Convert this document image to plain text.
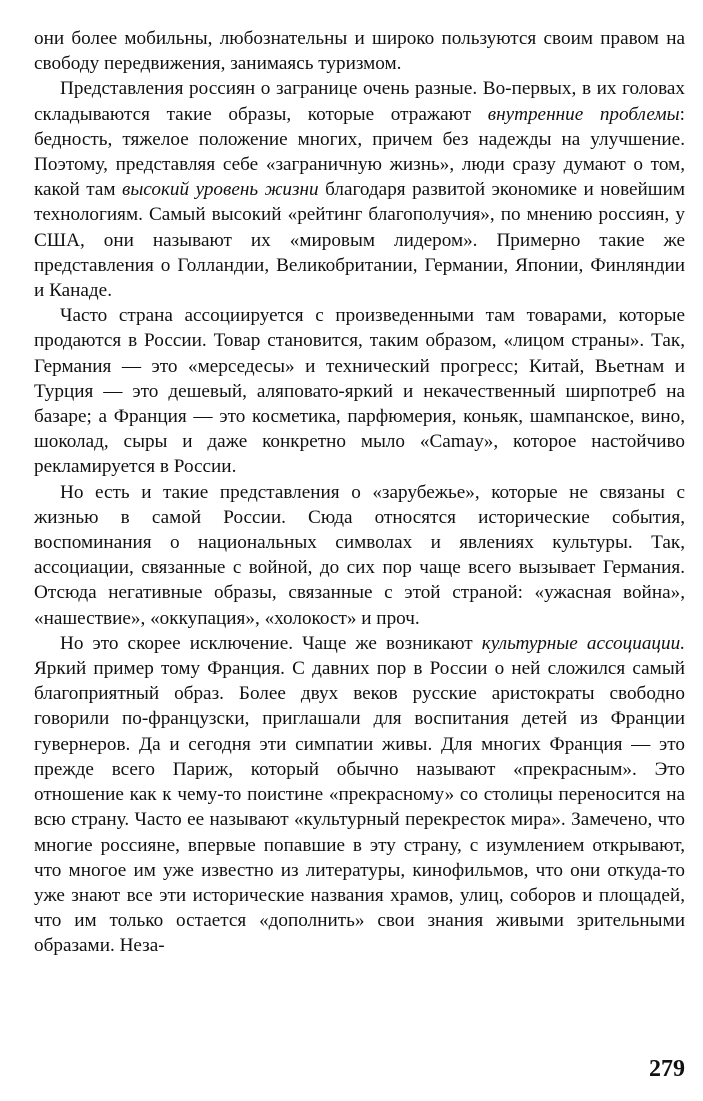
они более мобильны, любознательны и широко пользуются своим правом на свободу передвижения, занимаясь туризмом.

Представления россиян о загранице очень разные. Во-первых, в их головах складываются такие образы, которые отражают внутренние проблемы: бедность, тяжелое положение многих, причем без надежды на улучшение. Поэтому, представляя себе «заграничную жизнь», люди сразу думают о том, какой там высокий уровень жизни благодаря развитой экономике и новейшим технологиям. Самый высокий «рейтинг благополучия», по мнению россиян, у США, они называют их «мировым лидером». Примерно такие же представления о Голландии, Великобритании, Германии, Японии, Финляндии и Канаде.

Часто страна ассоциируется с произведенными там товарами, которые продаются в России. Товар становится, таким образом, «лицом страны». Так, Германия — это «мерседесы» и технический прогресс; Китай, Вьетнам и Турция — это дешевый, аляповато-яркий и некачественный ширпотреб на базаре; а Франция — это косметика, парфюмерия, коньяк, шампанское, вино, шоколад, сыры и даже конкретно мыло «Camay», которое настойчиво рекламируется в России.

Но есть и такие представления о «зарубежье», которые не связаны с жизнью в самой России. Сюда относятся исторические события, воспоминания о национальных символах и явлениях культуры. Так, ассоциации, связанные с войной, до сих пор чаще всего вызывает Германия. Отсюда негативные образы, связанные с этой страной: «ужасная война», «нашествие», «оккупация», «холокост» и проч.

Но это скорее исключение. Чаще же возникают культурные ассоциации. Яркий пример тому Франция. С давних пор в России о ней сложился самый благоприятный образ. Более двух веков русские аристократы свободно говорили по-французски, приглашали для воспитания детей из Франции гувернеров. Да и сегодня эти симпатии живы. Для многих Франция — это прежде всего Париж, который обычно называют «прекрасным». Это отношение как к чему-то поистине «прекрасному» со столицы переносится на всю страну. Часто ее называют «культурный перекресток мира». Замечено, что многие россияне, впервые попавшие в эту страну, с изумлением открывают, что многое им уже известно из литературы, кинофильмов, что они откуда-то уже знают все эти исторические названия храмов, улиц, соборов и площадей, что им только остается «дополнить» свои знания живыми зрительными образами. Неза-

279
